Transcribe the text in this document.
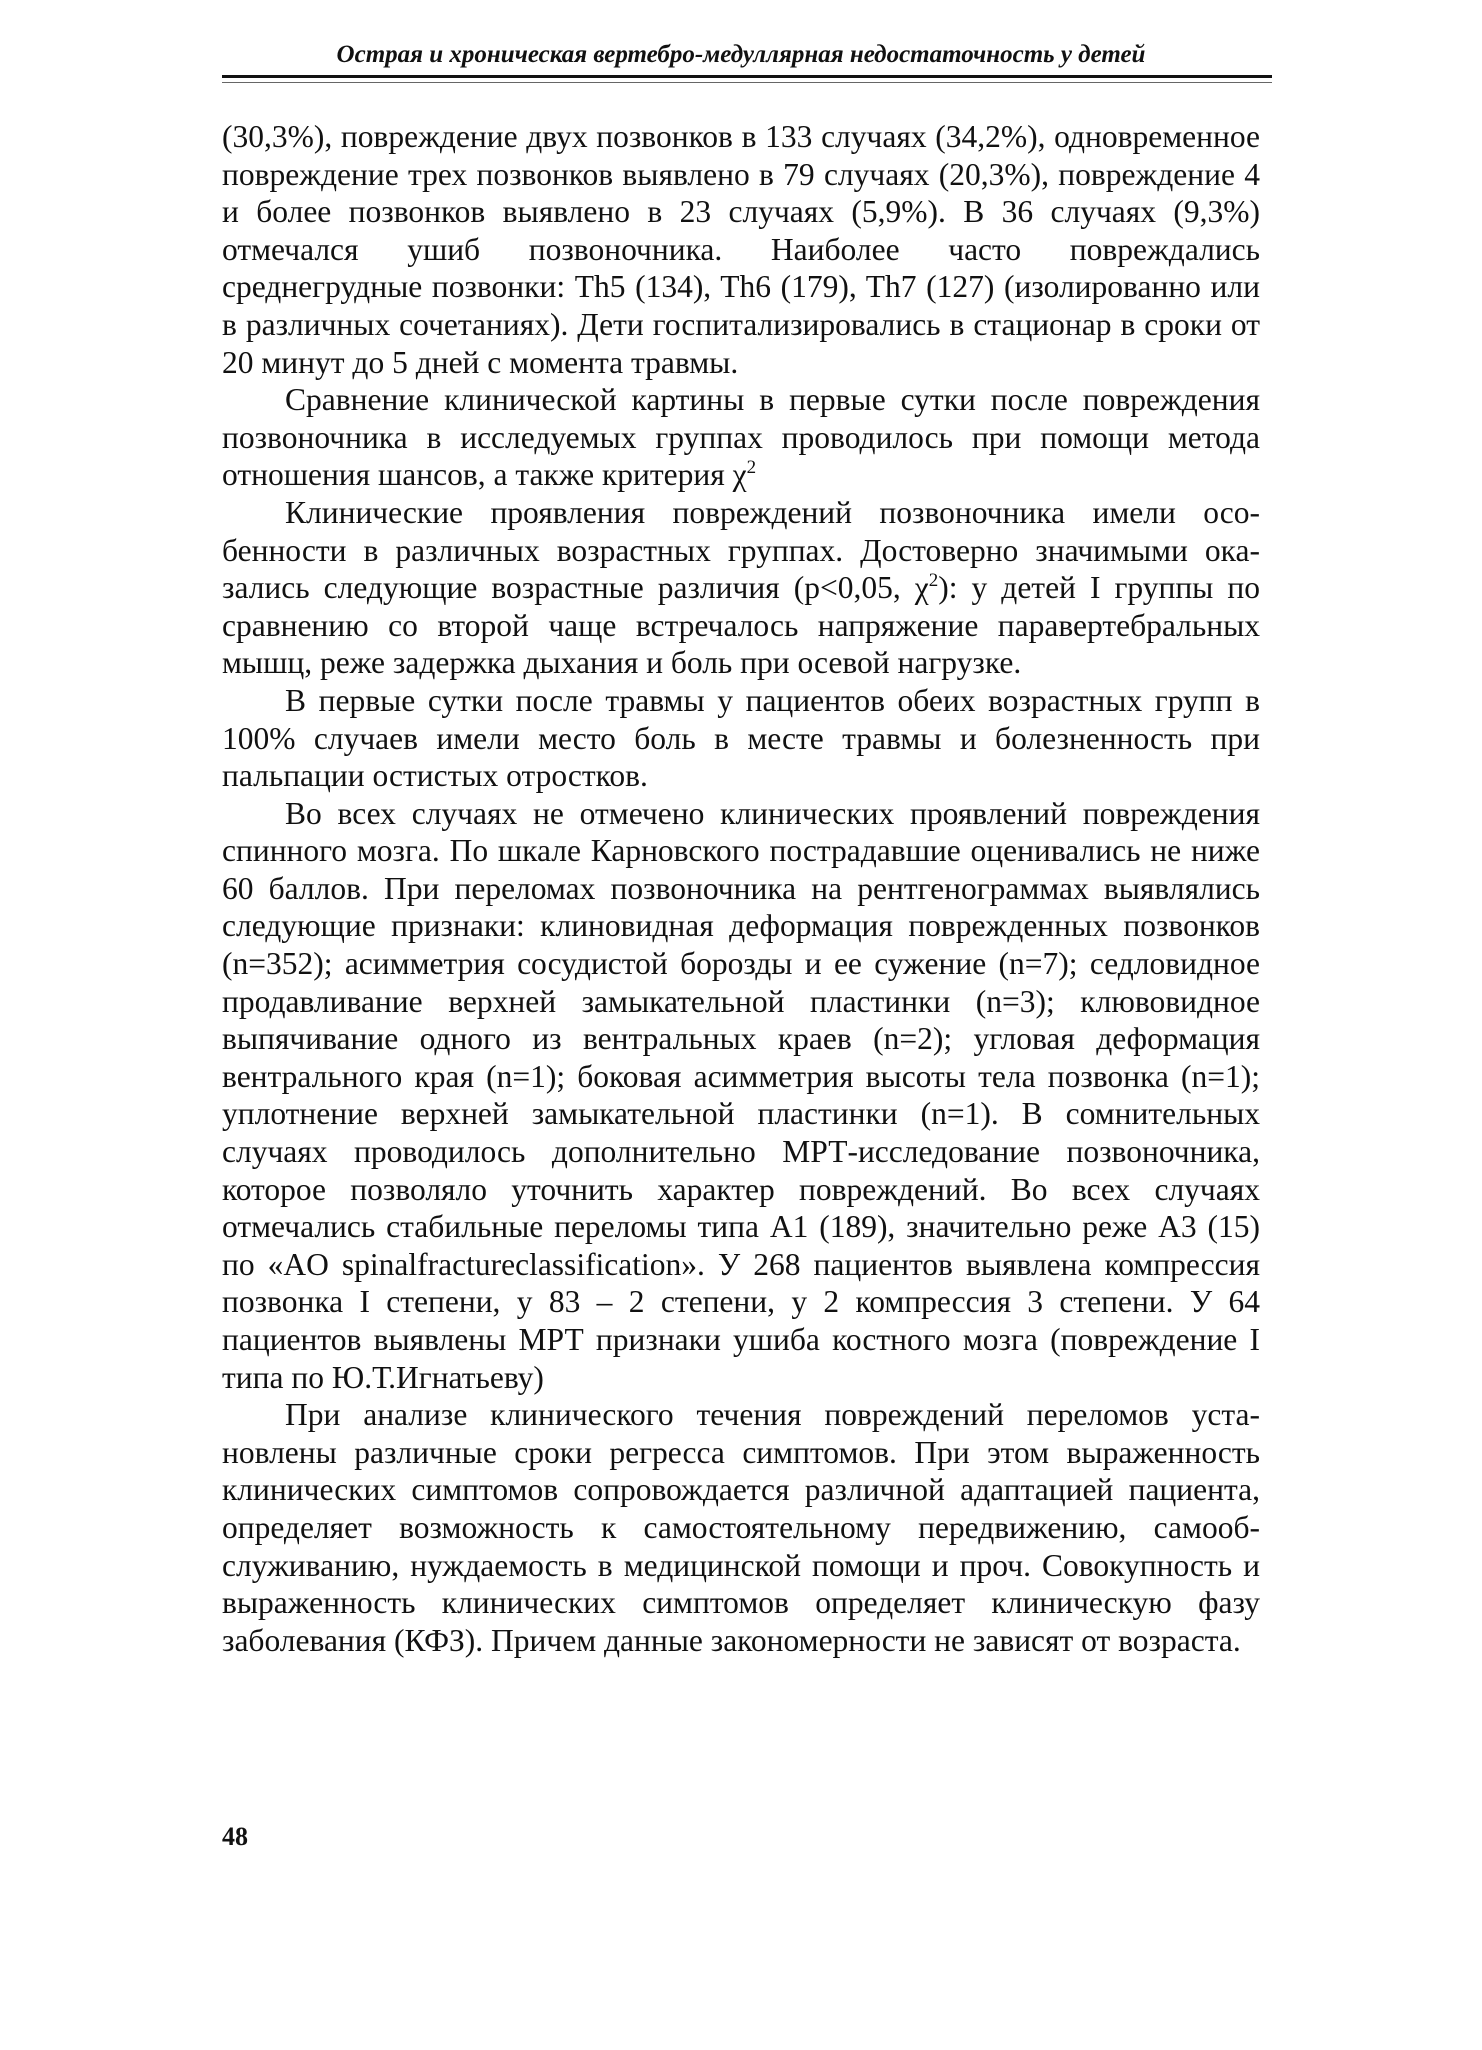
Острая и хроническая вертебро-медуллярная недостаточность у детей

(30,3%), повреждение двух позвонков в 133 случаях (34,2%), одновременное повреждение трех позвонков выявлено в 79 случаях (20,3%), повреждение 4 и более позвонков выявлено в 23 случаях (5,9%). В 36 случаях (9,3%) отмечался ушиб позвоночника. Наиболее часто повреждались среднегрудные позвонки: Th5 (134), Th6 (179), Th7 (127) (изолированно или в различных сочетаниях). Дети госпитализировались в стационар в сроки от 20 минут до 5 дней с момента травмы.

Сравнение клинической картины в первые сутки после повреждения позвоночника в исследуемых группах проводилось при помощи метода отношения шансов, а также критерия $\chi^2$

Клинические проявления повреждений позвоночника имели особенности в различных возрастных группах. Достоверно значимыми оказались следующие возрастные различия (p<0,05, $\chi^2$): у детей I группы по сравнению со второй чаще встречалось напряжение паравертебральных мышц, реже задержка дыхания и боль при осевой нагрузке.

В первые сутки после травмы у пациентов обеих возрастных групп в 100% случаев имели место боль в месте травмы и болезненность при пальпации остистых отростков.

Во всех случаях не отмечено клинических проявлений повреждения спинного мозга. По шкале Карновского пострадавшие оценивались не ниже 60 баллов. При переломах позвоночника на рентгенограммах выявлялись следующие признаки: клиновидная деформация поврежденных позвонков (n=352); асимметрия сосудистой борозды и ее сужение (n=7); седловидное продавливание верхней замыкательной пластинки (n=3); клювовидное выпячивание одного из вентральных краев (n=2); угловая деформация вентрального края (n=1); боковая асимметрия высоты тела позвонка (n=1); уплотнение верхней замыкательной пластинки (n=1). В сомнительных случаях проводилось дополнительно МРТ-исследование позвоночника, которое позволяло уточнить характер повреждений. Во всех случаях отмечались стабильные переломы типа А1 (189), значительно реже А3 (15) по «AO spinalfractureclassification». У 268 пациентов выявлена компрессия позвонка I степени, у 83 – 2 степени, у 2 компрессия 3 степени. У 64 пациентов выявлены МРТ признаки ушиба костного мозга (повреждение I типа по Ю.Т.Игнатьеву)

При анализе клинического течения повреждений переломов установлены различные сроки регресса симптомов. При этом выраженность клинических симптомов сопровождается различной адаптацией пациента, определяет возможность к самостоятельному передвижению, самообслуживанию, нуждаемость в медицинской помощи и проч. Совокупность и выраженность клинических симптомов определяет клиническую фазу заболевания (КФЗ). Причем данные закономерности не зависят от возраста.

48
